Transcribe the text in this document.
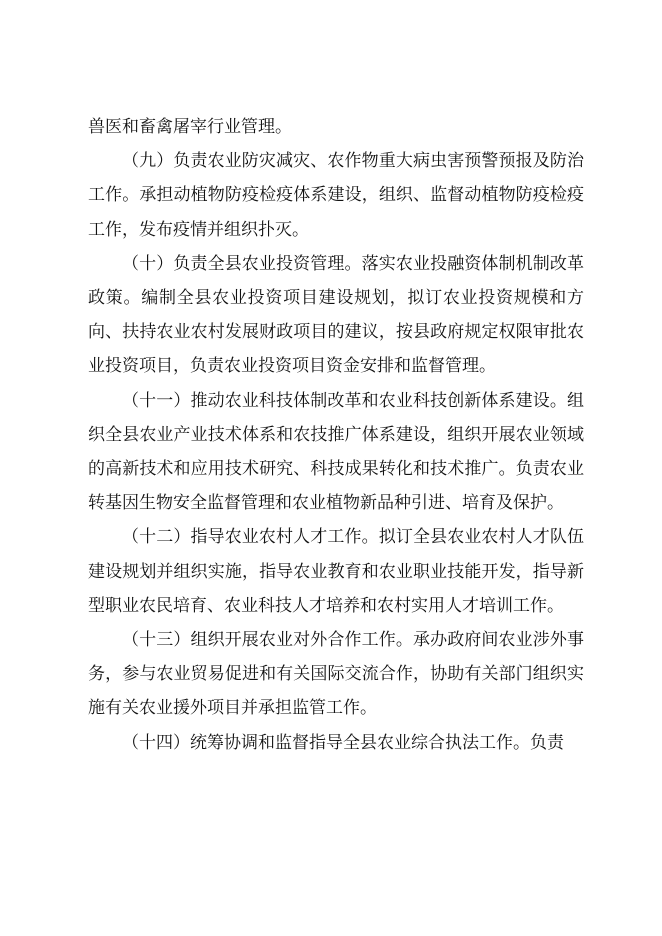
兽医和畜禽屠宰行业管理。

（九）负责农业防灾减灾、农作物重大病虫害预警预报及防治工作。承担动植物防疫检疫体系建设，组织、监督动植物防疫检疫工作，发布疫情并组织扑灭。

（十）负责全县农业投资管理。落实农业投融资体制机制改革政策。编制全县农业投资项目建设规划，拟订农业投资规模和方向、扶持农业农村发展财政项目的建议，按县政府规定权限审批农业投资项目，负责农业投资项目资金安排和监督管理。

（十一）推动农业科技体制改革和农业科技创新体系建设。组织全县农业产业技术体系和农技推广体系建设，组织开展农业领域的高新技术和应用技术研究、科技成果转化和技术推广。负责农业转基因生物安全监督管理和农业植物新品种引进、培育及保护。

（十二）指导农业农村人才工作。拟订全县农业农村人才队伍建设规划并组织实施，指导农业教育和农业职业技能开发，指导新型职业农民培育、农业科技人才培养和农村实用人才培训工作。

（十三）组织开展农业对外合作工作。承办政府间农业涉外事务，参与农业贸易促进和有关国际交流合作，协助有关部门组织实施有关农业援外项目并承担监管工作。

（十四）统筹协调和监督指导全县农业综合执法工作。负责
